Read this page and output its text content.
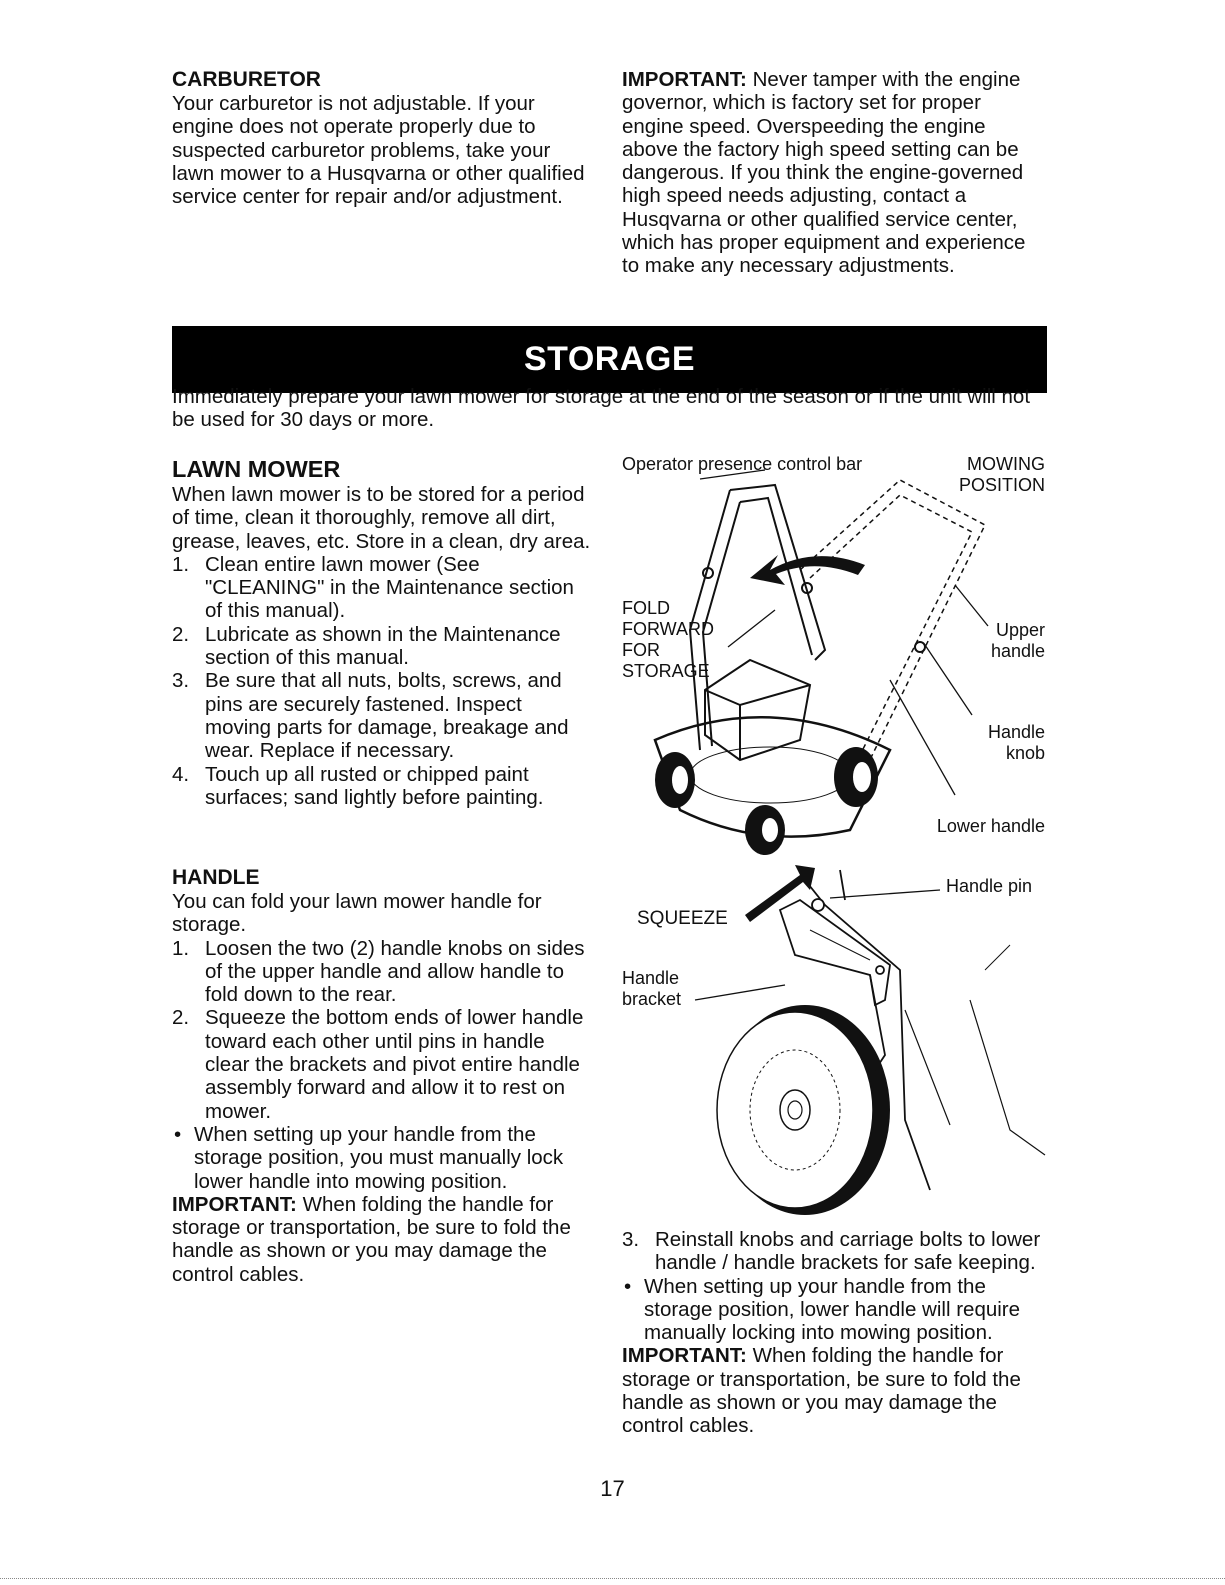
CARBURETOR

Your carburetor is not adjustable. If your engine does not operate properly due to suspected carburetor problems, take your lawn mower to a Husqvarna or other qualified service center for repair and/or adjustment.

IMPORTANT: Never tamper with the engine governor, which is factory set for proper engine speed. Overspeeding the engine above the factory high speed setting can be dangerous. If you think the engine-governed high speed needs adjusting, contact a Husqvarna or other qualified service center, which has proper equipment and experience to make any necessary adjustments.

STORAGE

Immediately prepare your lawn mower for storage at the end of the season or if the unit will not be used for 30 days or more.

LAWN MOWER

When lawn mower is to be stored for a period of time, clean it thoroughly, remove all dirt, grease, leaves, etc. Store in a clean, dry area.

1. Clean entire lawn mower (See "CLEANING" in the Maintenance section of this manual).
2. Lubricate as shown in the Maintenance section of this manual.
3. Be sure that all nuts, bolts, screws, and pins are securely fastened. Inspect moving parts for damage, breakage and wear. Replace if necessary.
4. Touch up all rusted or chipped paint surfaces; sand lightly before painting.
HANDLE

You can fold your lawn mower handle for storage.

1. Loosen the two (2) handle knobs on sides of the upper handle and allow handle to fold down to the rear.
2. Squeeze the bottom ends of lower handle toward each other until pins in handle clear the brackets and pivot entire handle assembly forward and allow it to rest on mower.
• When setting up your handle from the storage position, you must manually lock lower handle into mowing position.

IMPORTANT: When folding the handle for storage or transportation, be sure to fold the handle as shown or you may damage the control cables.

Operator presence control bar	MOWING POSITION
FOLD FORWARD FOR STORAGE
Upper handle
Handle knob
Lower handle
Handle pin
SQUEEZE
Handle bracket
3. Reinstall knobs and carriage bolts to lower handle / handle brackets for safe keeping.
• When setting up your handle from the storage position, lower handle will require manually locking into mowing position.

IMPORTANT: When folding the handle for storage or transportation, be sure to fold the handle as shown or you may damage the control cables.

17
